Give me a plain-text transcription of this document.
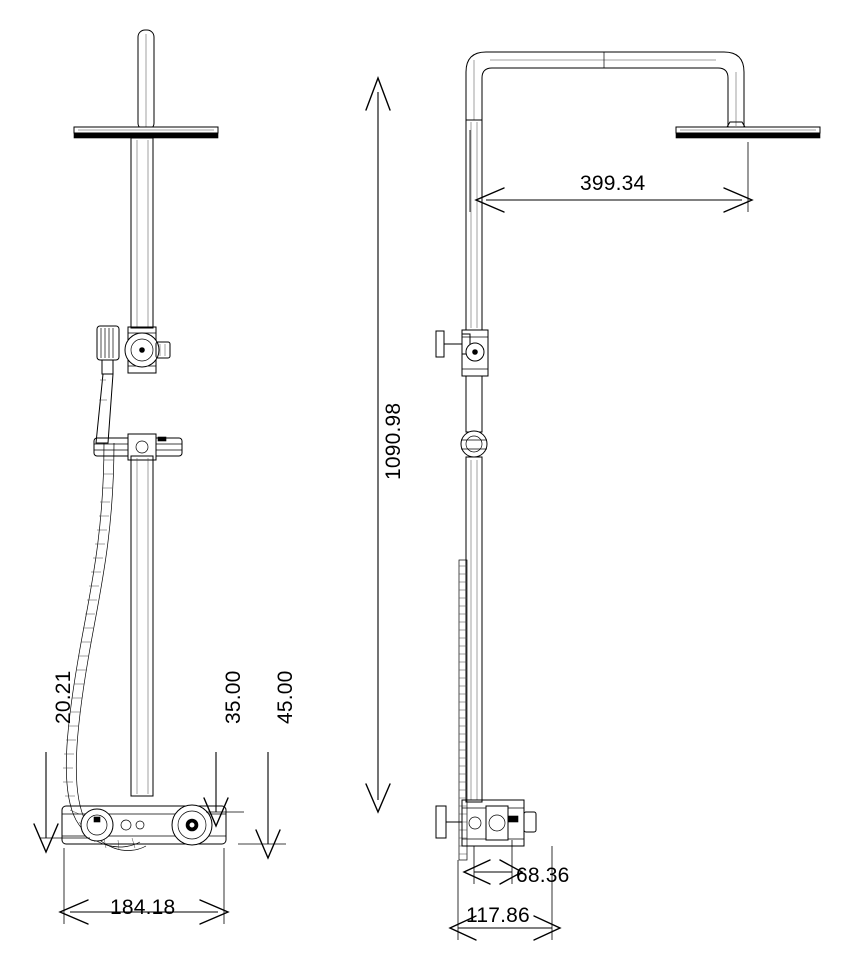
1090.98
399.34
184.18
20.21	35.00 45.00
68.36
117.86
